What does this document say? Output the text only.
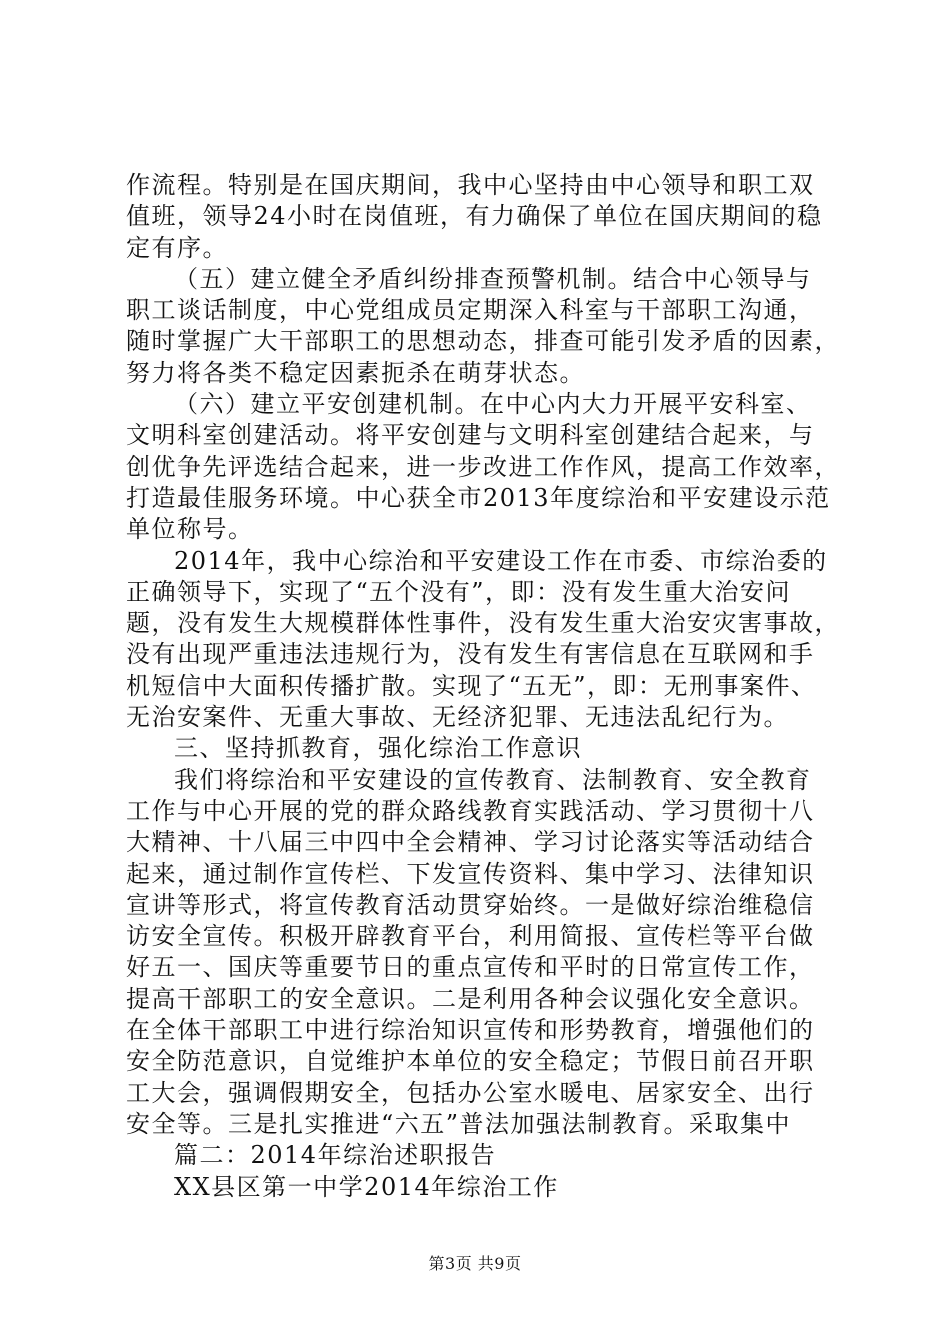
作流程。特别是在国庆期间，我中心坚持由中心领导和职工双
值班，领导24小时在岗值班，有力确保了单位在国庆期间的稳
定有序。
（五）建立健全矛盾纠纷排查预警机制。结合中心领导与
职工谈话制度，中心党组成员定期深入科室与干部职工沟通，
随时掌握广大干部职工的思想动态，排查可能引发矛盾的因素，
努力将各类不稳定因素扼杀在萌芽状态。
（六）建立平安创建机制。在中心内大力开展平安科室、
文明科室创建活动。将平安创建与文明科室创建结合起来，与
创优争先评选结合起来，进一步改进工作作风，提高工作效率，
打造最佳服务环境。中心获全市2013年度综治和平安建设示范
单位称号。
2014年，我中心综治和平安建设工作在市委、市综治委的
正确领导下，实现了“五个没有”，即：没有发生重大治安问
题，没有发生大规模群体性事件，没有发生重大治安灾害事故，
没有出现严重违法违规行为，没有发生有害信息在互联网和手
机短信中大面积传播扩散。实现了“五无”，即：无刑事案件、
无治安案件、无重大事故、无经济犯罪、无违法乱纪行为。
三、坚持抓教育，强化综治工作意识
我们将综治和平安建设的宣传教育、法制教育、安全教育
工作与中心开展的党的群众路线教育实践活动、学习贯彻十八
大精神、十八届三中四中全会精神、学习讨论落实等活动结合
起来，通过制作宣传栏、下发宣传资料、集中学习、法律知识
宣讲等形式，将宣传教育活动贯穿始终。一是做好综治维稳信
访安全宣传。积极开辟教育平台，利用简报、宣传栏等平台做
好五一、国庆等重要节日的重点宣传和平时的日常宣传工作，
提高干部职工的安全意识。二是利用各种会议强化安全意识。
在全体干部职工中进行综治知识宣传和形势教育，增强他们的
安全防范意识，自觉维护本单位的安全稳定；节假日前召开职
工大会，强调假期安全，包括办公室水暖电、居家安全、出行
安全等。三是扎实推进“六五”普法加强法制教育。采取集中
篇二：2014年综治述职报告
XX县区第一中学2014年综治工作
第3页 共9页
